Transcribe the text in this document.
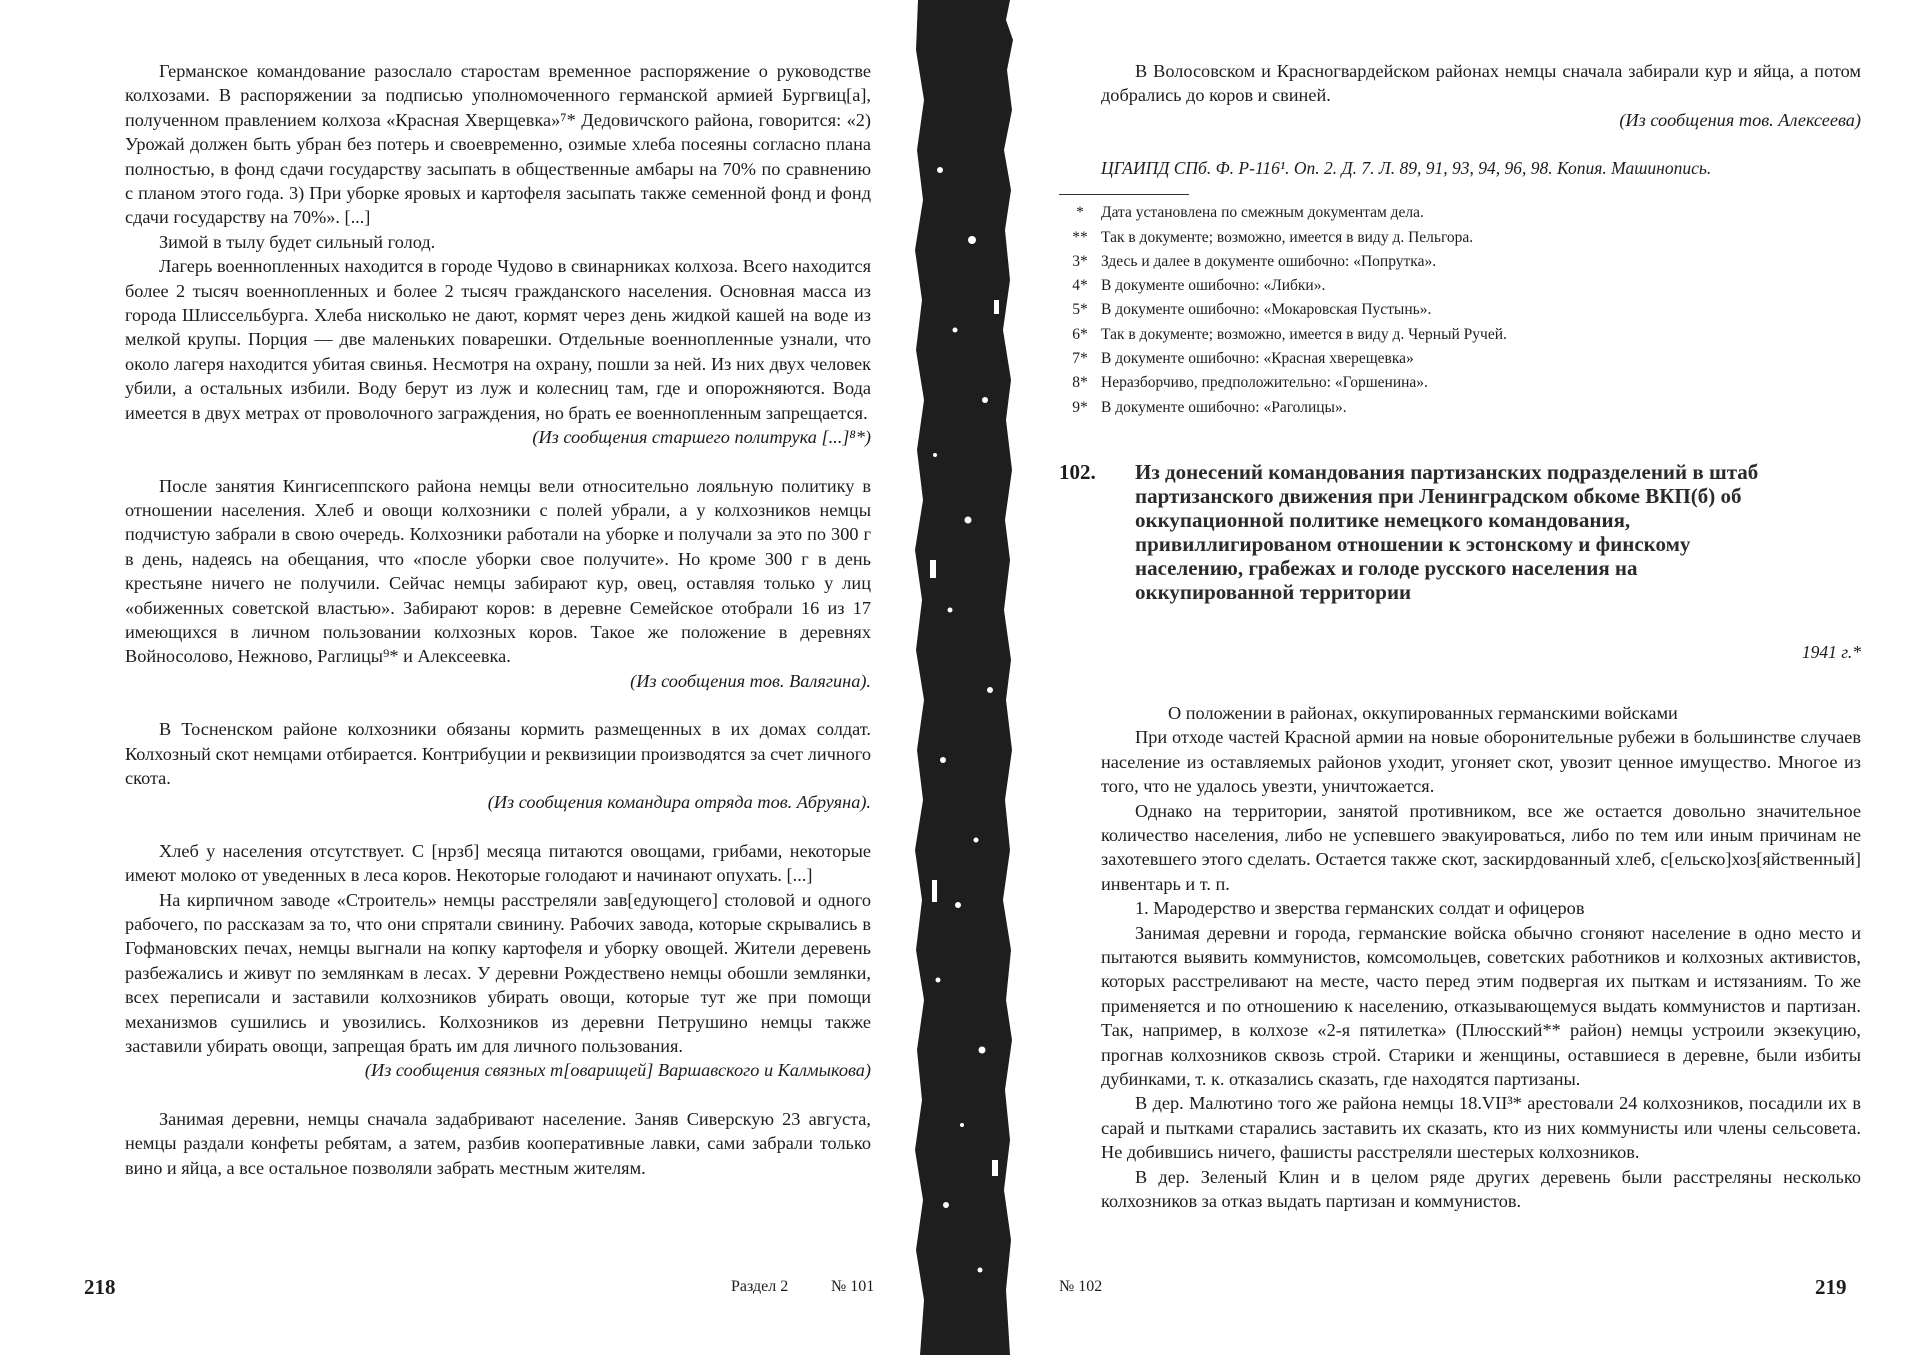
Германское командование разослало старостам временное распоряжение о руководстве колхозами. В распоряжении за подписью уполномоченного германской армией Бургвиц[а], полученном правлением колхоза «Красная Хверщевка»⁷* Дедовичского района, говорится: «2) Урожай должен быть убран без потерь и своевременно, озимые хлеба посеяны согласно плана полностью, в фонд сдачи государству засыпать в общественные амбары на 70% по сравнению с планом этого года. 3) При уборке яровых и картофеля засыпать также семенной фонд и фонд сдачи государству на 70%». [...]

Зимой в тылу будет сильный голод.

Лагерь военнопленных находится в городе Чудово в свинарниках колхоза. Всего находится более 2 тысяч военнопленных и более 2 тысяч гражданского населения. Основная масса из города Шлиссельбурга. Хлеба нисколько не дают, кормят через день жидкой кашей на воде из мелкой крупы. Порция — две маленьких поварешки. Отдельные военнопленные узнали, что около лагеря находится убитая свинья. Несмотря на охрану, пошли за ней. Из них двух человек убили, а остальных избили. Воду берут из луж и колесниц там, где и опорожняются. Вода имеется в двух метрах от проволочного заграждения, но брать ее военнопленным запрещается.

(Из сообщения старшего политрука [...]⁸*)

После занятия Кингисеппского района немцы вели относительно лояльную политику в отношении населения. Хлеб и овощи колхозники с полей убрали, а у колхозников немцы подчистую забрали в свою очередь. Колхозники работали на уборке и получали за это по 300 г в день, надеясь на обещания, что «после уборки свое получите». Но кроме 300 г в день крестьяне ничего не получили. Сейчас немцы забирают кур, овец, оставляя только у лиц «обиженных советской властью». Забирают коров: в деревне Семейское отобрали 16 из 17 имеющихся в личном пользовании колхозных коров. Такое же положение в деревнях Войносолово, Нежново, Раглицы⁹* и Алексеевка.

(Из сообщения тов. Валягина).

В Тосненском районе колхозники обязаны кормить размещенных в их домах солдат. Колхозный скот немцами отбирается. Контрибуции и реквизиции производятся за счет личного скота.

(Из сообщения командира отряда тов. Абруяна).

Хлеб у населения отсутствует. С [нрзб] месяца питаются овощами, грибами, некоторые имеют молоко от уведенных в леса коров. Некоторые голодают и начинают опухать. [...]

На кирпичном заводе «Строитель» немцы расстреляли зав[едующего] столовой и одного рабочего, по рассказам за то, что они спрятали свинину. Рабочих завода, которые скрывались в Гофмановских печах, немцы выгнали на копку картофеля и уборку овощей. Жители деревень разбежались и живут по землянкам в лесах. У деревни Рождествено немцы обошли землянки, всех переписали и заставили колхозников убирать овощи, которые тут же при помощи механизмов сушились и увозились. Колхозников из деревни Петрушино немцы также заставили убирать овощи, запрещая брать им для личного пользования.

(Из сообщения связных т[оварищей] Варшавского и Калмыкова)

Занимая деревни, немцы сначала задабривают население. Заняв Сиверскую 23 августа, немцы раздали конфеты ребятам, а затем, разбив кооперативные лавки, сами забрали только вино и яйца, а все остальное позволяли забрать местным жителям.

218	Раздел 2	№ 101

В Волосовском и Красногвардейском районах немцы сначала забирали кур и яйца, а потом добрались до коров и свиней.

(Из сообщения тов. Алексеева)

ЦГАИПД СПб. Ф. Р-116¹. Оп. 2. Д. 7. Л. 89, 91, 93, 94, 96, 98. Копия. Машинопись.

*	Дата установлена по смежным документам дела.
** Так в документе; возможно, имеется в виду д. Пельгора.
3* Здесь и далее в документе ошибочно: «Попрутка».
4* В документе ошибочно: «Либки».
5* В документе ошибочно: «Мокаровская Пустынь».
6* Так в документе; возможно, имеется в виду д. Черный Ручей.
7* В документе ошибочно: «Красная хверещевка»
8* Неразборчиво, предположительно: «Горшенина».
9* В документе ошибочно: «Раголицы».
102.	Из донесений командования партизанских подразделений в штаб партизанского движения при Ленинградском обкоме ВКП(б) об оккупационной политике немецкого командования, привиллигированом отношении к эстонскому и финскому населению, грабежах и голоде русского населения на оккупированной территории
1941 г.*

О положении в районах, оккупированных германскими войсками

При отходе частей Красной армии на новые оборонительные рубежи в большинстве случаев население из оставляемых районов уходит, угоняет скот, увозит ценное имущество. Многое из того, что не удалось увезти, уничтожается.

Однако на территории, занятой противником, все же остается довольно значительное количество населения, либо не успевшего эвакуироваться, либо по тем или иным причинам не захотевшего этого сделать. Остается также скот, заскирдованный хлеб, с[ельско]хоз[яйственный] инвентарь и т. п.

1. Мародерство и зверства германских солдат и офицеров

Занимая деревни и города, германские войска обычно сгоняют население в одно место и пытаются выявить коммунистов, комсомольцев, советских работников и колхозных активистов, которых расстреливают на месте, часто перед этим подвергая их пыткам и истязаниям. То же применяется и по отношению к населению, отказывающемуся выдать коммунистов и партизан. Так, например, в колхозе «2-я пятилетка» (Плюсский** район) немцы устроили экзекуцию, прогнав колхозников сквозь строй. Старики и женщины, оставшиеся в деревне, были избиты дубинками, т. к. отказались сказать, где находятся партизаны.

В дер. Малютино того же района немцы 18.VII³* арестовали 24 колхозников, посадили их в сарай и пытками старались заставить их сказать, кто из них коммунисты или члены сельсовета. Не добившись ничего, фашисты расстреляли шестерых колхозников.

В дер. Зеленый Клин и в целом ряде других деревень были расстреляны несколько колхозников за отказ выдать партизан и коммунистов.

№ 102	219
